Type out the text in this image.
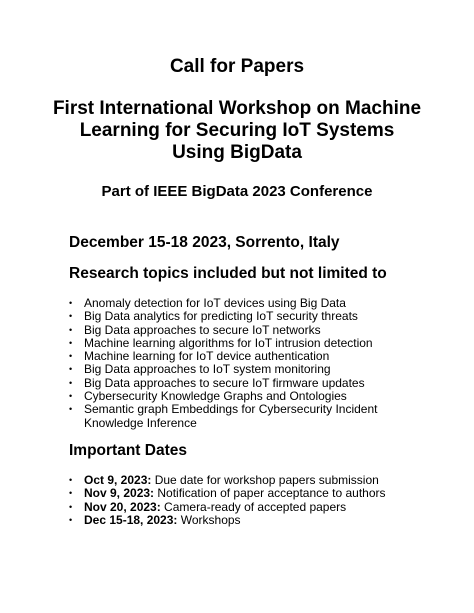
Call for Papers
First International Workshop on Machine
Learning for Securing IoT Systems
Using BigData
Part of IEEE BigData 2023 Conference
December 15-18 2023, Sorrento, Italy
Research topics included but not limited to
• Anomaly detection for IoT devices using Big Data
• Big Data analytics for predicting IoT security threats
• Big Data approaches to secure IoT networks
• Machine learning algorithms for IoT intrusion detection
• Machine learning for IoT device authentication
• Big Data approaches to IoT system monitoring
• Big Data approaches to secure IoT firmware updates
• Cybersecurity Knowledge Graphs and Ontologies
• Semantic graph Embeddings for Cybersecurity Incident
Knowledge Inference
Important Dates
• Oct 9, 2023: Due date for workshop papers submission
• Nov 9, 2023: Notification of paper acceptance to authors
• Nov 20, 2023: Camera-ready of accepted papers
• Dec 15-18, 2023: Workshops
